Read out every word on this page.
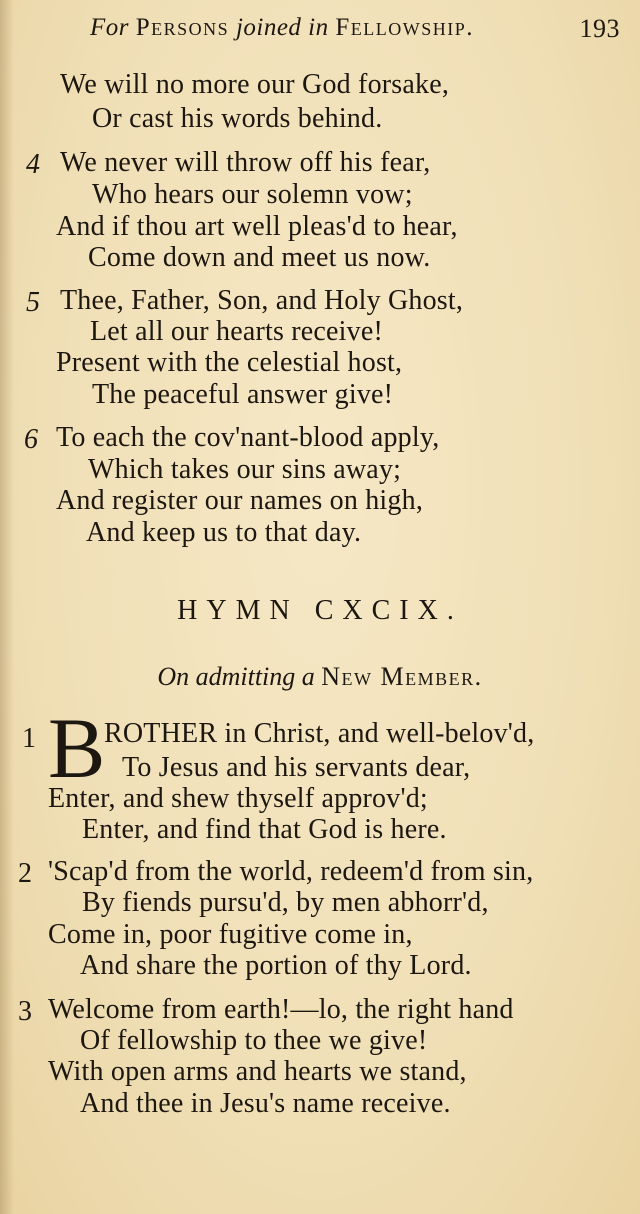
For Persons joined in Fellowship.	193
We will no more our God forsake,
Or cast his words behind.
4 We never will throw off his fear,
Who hears our solemn vow;
And if thou art well pleas'd to hear,
Come down and meet us now.
5 Thee, Father, Son, and Holy Ghost,
Let all our hearts receive!
Present with the celestial host,
The peaceful answer give!
6 To each the cov'nant-blood apply,
Which takes our sins away;
And register our names on high,
And keep us to that day.
HYMN CXCIX.
On admitting a New Member.
1 B
ROTHER in Christ, and well-belov'd,
To Jesus and his servants dear,
Enter, and shew thyself approv'd;
Enter, and find that God is here.
2 'Scap'd from the world, redeem'd from sin,
By fiends pursu'd, by men abhorr'd,
Come in, poor fugitive come in,
And share the portion of thy Lord.
3 Welcome from earth!—lo, the right hand
Of fellowship to thee we give!
With open arms and hearts we stand,
And thee in Jesu's name receive.
